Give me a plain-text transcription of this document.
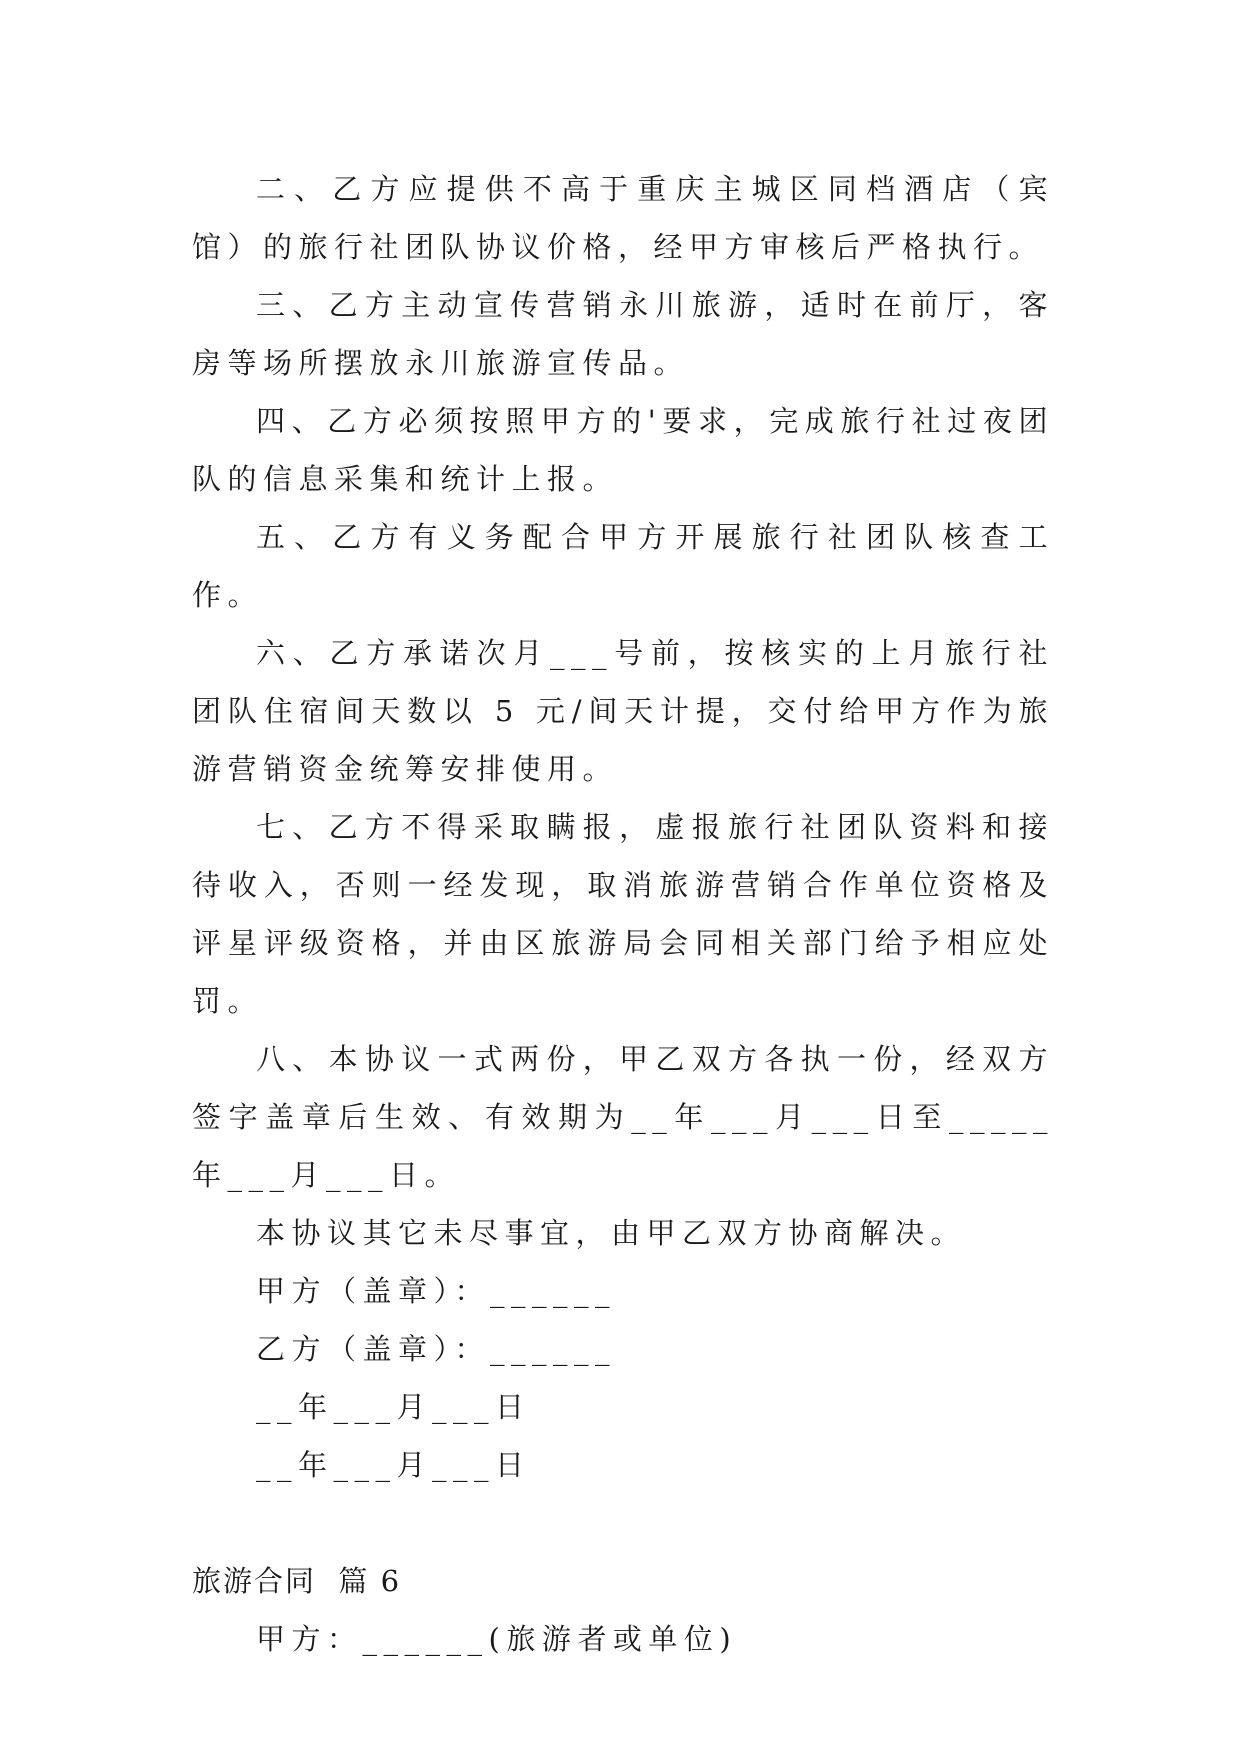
二、乙方应提供不高于重庆主城区同档酒店（宾馆）的旅行社团队协议价格，经甲方审核后严格执行。

三、乙方主动宣传营销永川旅游，适时在前厅，客房等场所摆放永川旅游宣传品。

四、乙方必须按照甲方的'要求，完成旅行社过夜团队的信息采集和统计上报。

五、乙方有义务配合甲方开展旅行社团队核查工作。

六、乙方承诺次月___号前，按核实的上月旅行社团队住宿间天数以 5 元/间天计提，交付给甲方作为旅游营销资金统筹安排使用。

七、乙方不得采取瞒报，虚报旅行社团队资料和接待收入，否则一经发现，取消旅游营销合作单位资格及评星评级资格，并由区旅游局会同相关部门给予相应处罚。

八、本协议一式两份，甲乙双方各执一份，经双方签字盖章后生效、有效期为__年___月___日至_____年___月___日。

本协议其它未尽事宜，由甲乙双方协商解决。

甲方（盖章）：______

乙方（盖章）：______

__年___月___日

__年___月___日

旅游合同  篇 6

甲方：______(旅游者或单位)
